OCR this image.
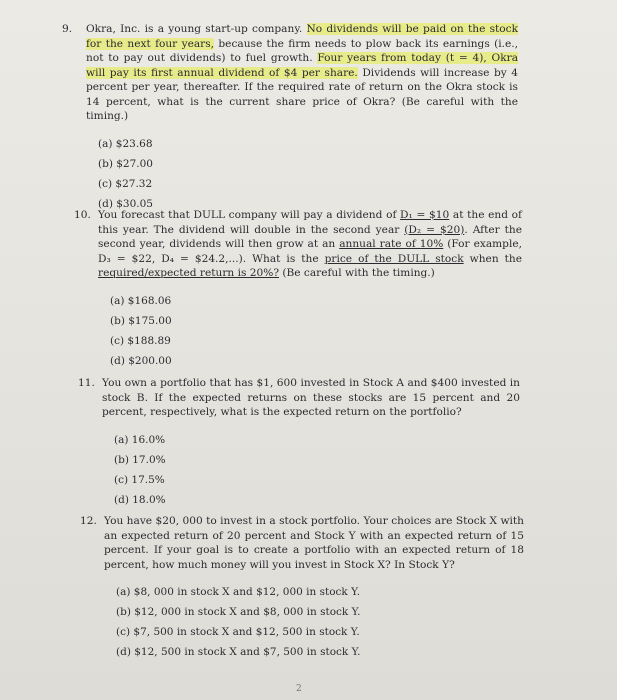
9. Okra, Inc. is a young start-up company. No dividends will be paid on the stock for the next four years, because the firm needs to plow back its earnings (i.e., not to pay out dividends) to fuel growth. Four years from today (t = 4), Okra will pay its first annual dividend of $4 per share. Dividends will increase by 4 percent per year, thereafter. If the required rate of return on the Okra stock is 14 percent, what is the current share price of Okra? (Be careful with the timing.)

(a) $23.68
(b) $27.00
(c) $27.32
(d) $30.05
10. You forecast that DULL company will pay a dividend of D₁ = $10 at the end of this year. The dividend will double in the second year (D₂ = $20). After the second year, dividends will then grow at an annual rate of 10% (For example, D₃ = $22, D₄ = $24.2,...). What is the price of the DULL stock when the required/expected return is 20%? (Be careful with the timing.)

(a) $168.06
(b) $175.00
(c) $188.89
(d) $200.00
11. You own a portfolio that has $1, 600 invested in Stock A and $400 invested in stock B. If the expected returns on these stocks are 15 percent and 20 percent, respectively, what is the expected return on the portfolio?

(a) 16.0%
(b) 17.0%
(c) 17.5%
(d) 18.0%
12. You have $20, 000 to invest in a stock portfolio. Your choices are Stock X with an expected return of 20 percent and Stock Y with an expected return of 15 percent. If your goal is to create a portfolio with an expected return of 18 percent, how much money will you invest in Stock X? In Stock Y?

(a) $8, 000 in stock X and $12, 000 in stock Y.
(b) $12, 000 in stock X and $8, 000 in stock Y.
(c) $7, 500 in stock X and $12, 500 in stock Y.
(d) $12, 500 in stock X and $7, 500 in stock Y.
2
